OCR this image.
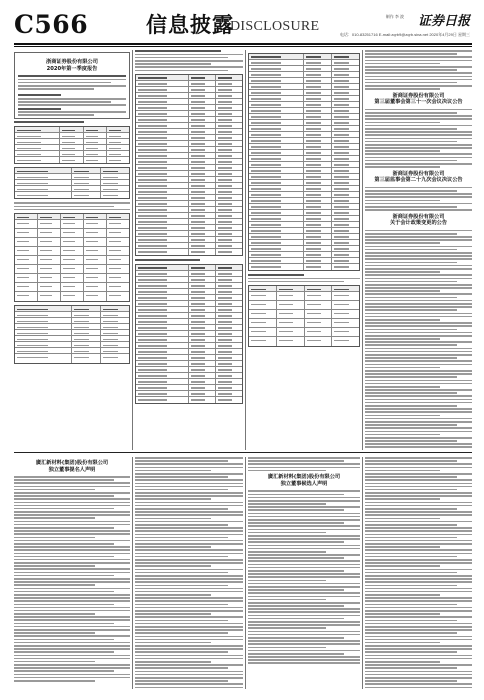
C566	信息披露
DISCLOSURE
制作 李 波	证券日报
电话：010-83251716 E-mail:zqrb9@zqrb.sina.net 2020年4月29日 星期三
浙商证券股份有限公司
2020年第一季度报告
浙商证券股份有限公司
第三届董事会第三十一次会议决议公告
浙商证券股份有限公司
第三届监事会第二十九次会议决议公告
浙商证券股份有限公司
关于会计政策变更的公告
廣汇新材料(集团)股份有限公司
独立董事提名人声明
廣汇新材料(集团)股份有限公司
独立董事候选人声明
